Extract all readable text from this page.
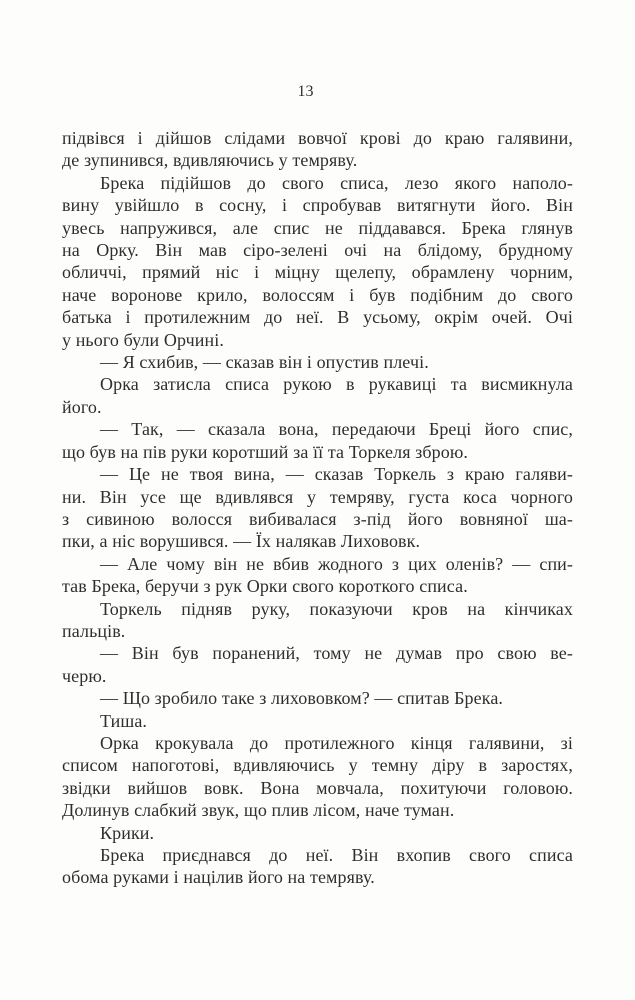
13
підвівся і дійшов слідами вовчої крові до краю галявини,
де зупинився, вдивляючись у темряву.
Брека підійшов до свого списа, лезо якого наполо-
вину увійшло в сосну, і спробував витягнути його. Він
увесь напружився, але спис не піддавався. Брека глянув
на Орку. Він мав сіро-зелені очі на блідому, брудному
обличчі, прямий ніс і міцну щелепу, обрамлену чорним,
наче воронове крило, волоссям і був подібним до свого
батька і протилежним до неї. В усьому, окрім очей. Очі
у нього були Орчині.
— Я схибив, — сказав він і опустив плечі.
Орка затисла списа рукою в рукавиці та висмикнула
його.
— Так, — сказала вона, передаючи Бреці його спис,
що був на пів руки коротший за її та Торкеля зброю.
— Це не твоя вина, — сказав Торкель з краю галяви-
ни. Він усе ще вдивлявся у темряву, густа коса чорного
з сивиною волосся вибивалася з-під його вовняної ша-
пки, а ніс ворушився. — Їх налякав Лихововк.
— Але чому він не вбив жодного з цих оленів? — спи-
тав Брека, беручи з рук Орки свого короткого списа.
Торкель підняв руку, показуючи кров на кінчиках
пальців.
— Він був поранений, тому не думав про свою ве-
черю.
— Що зробило таке з лихововком? — спитав Брека.
Тиша.
Орка крокувала до протилежного кінця галявини, зі
списом напоготові, вдивляючись у темну діру в заростях,
звідки вийшов вовк. Вона мовчала, похитуючи головою.
Долинув слабкий звук, що плив лісом, наче туман.
Крики.
Брека приєднався до неї. Він вхопив свого списа
обома руками і націлив його на темряву.
